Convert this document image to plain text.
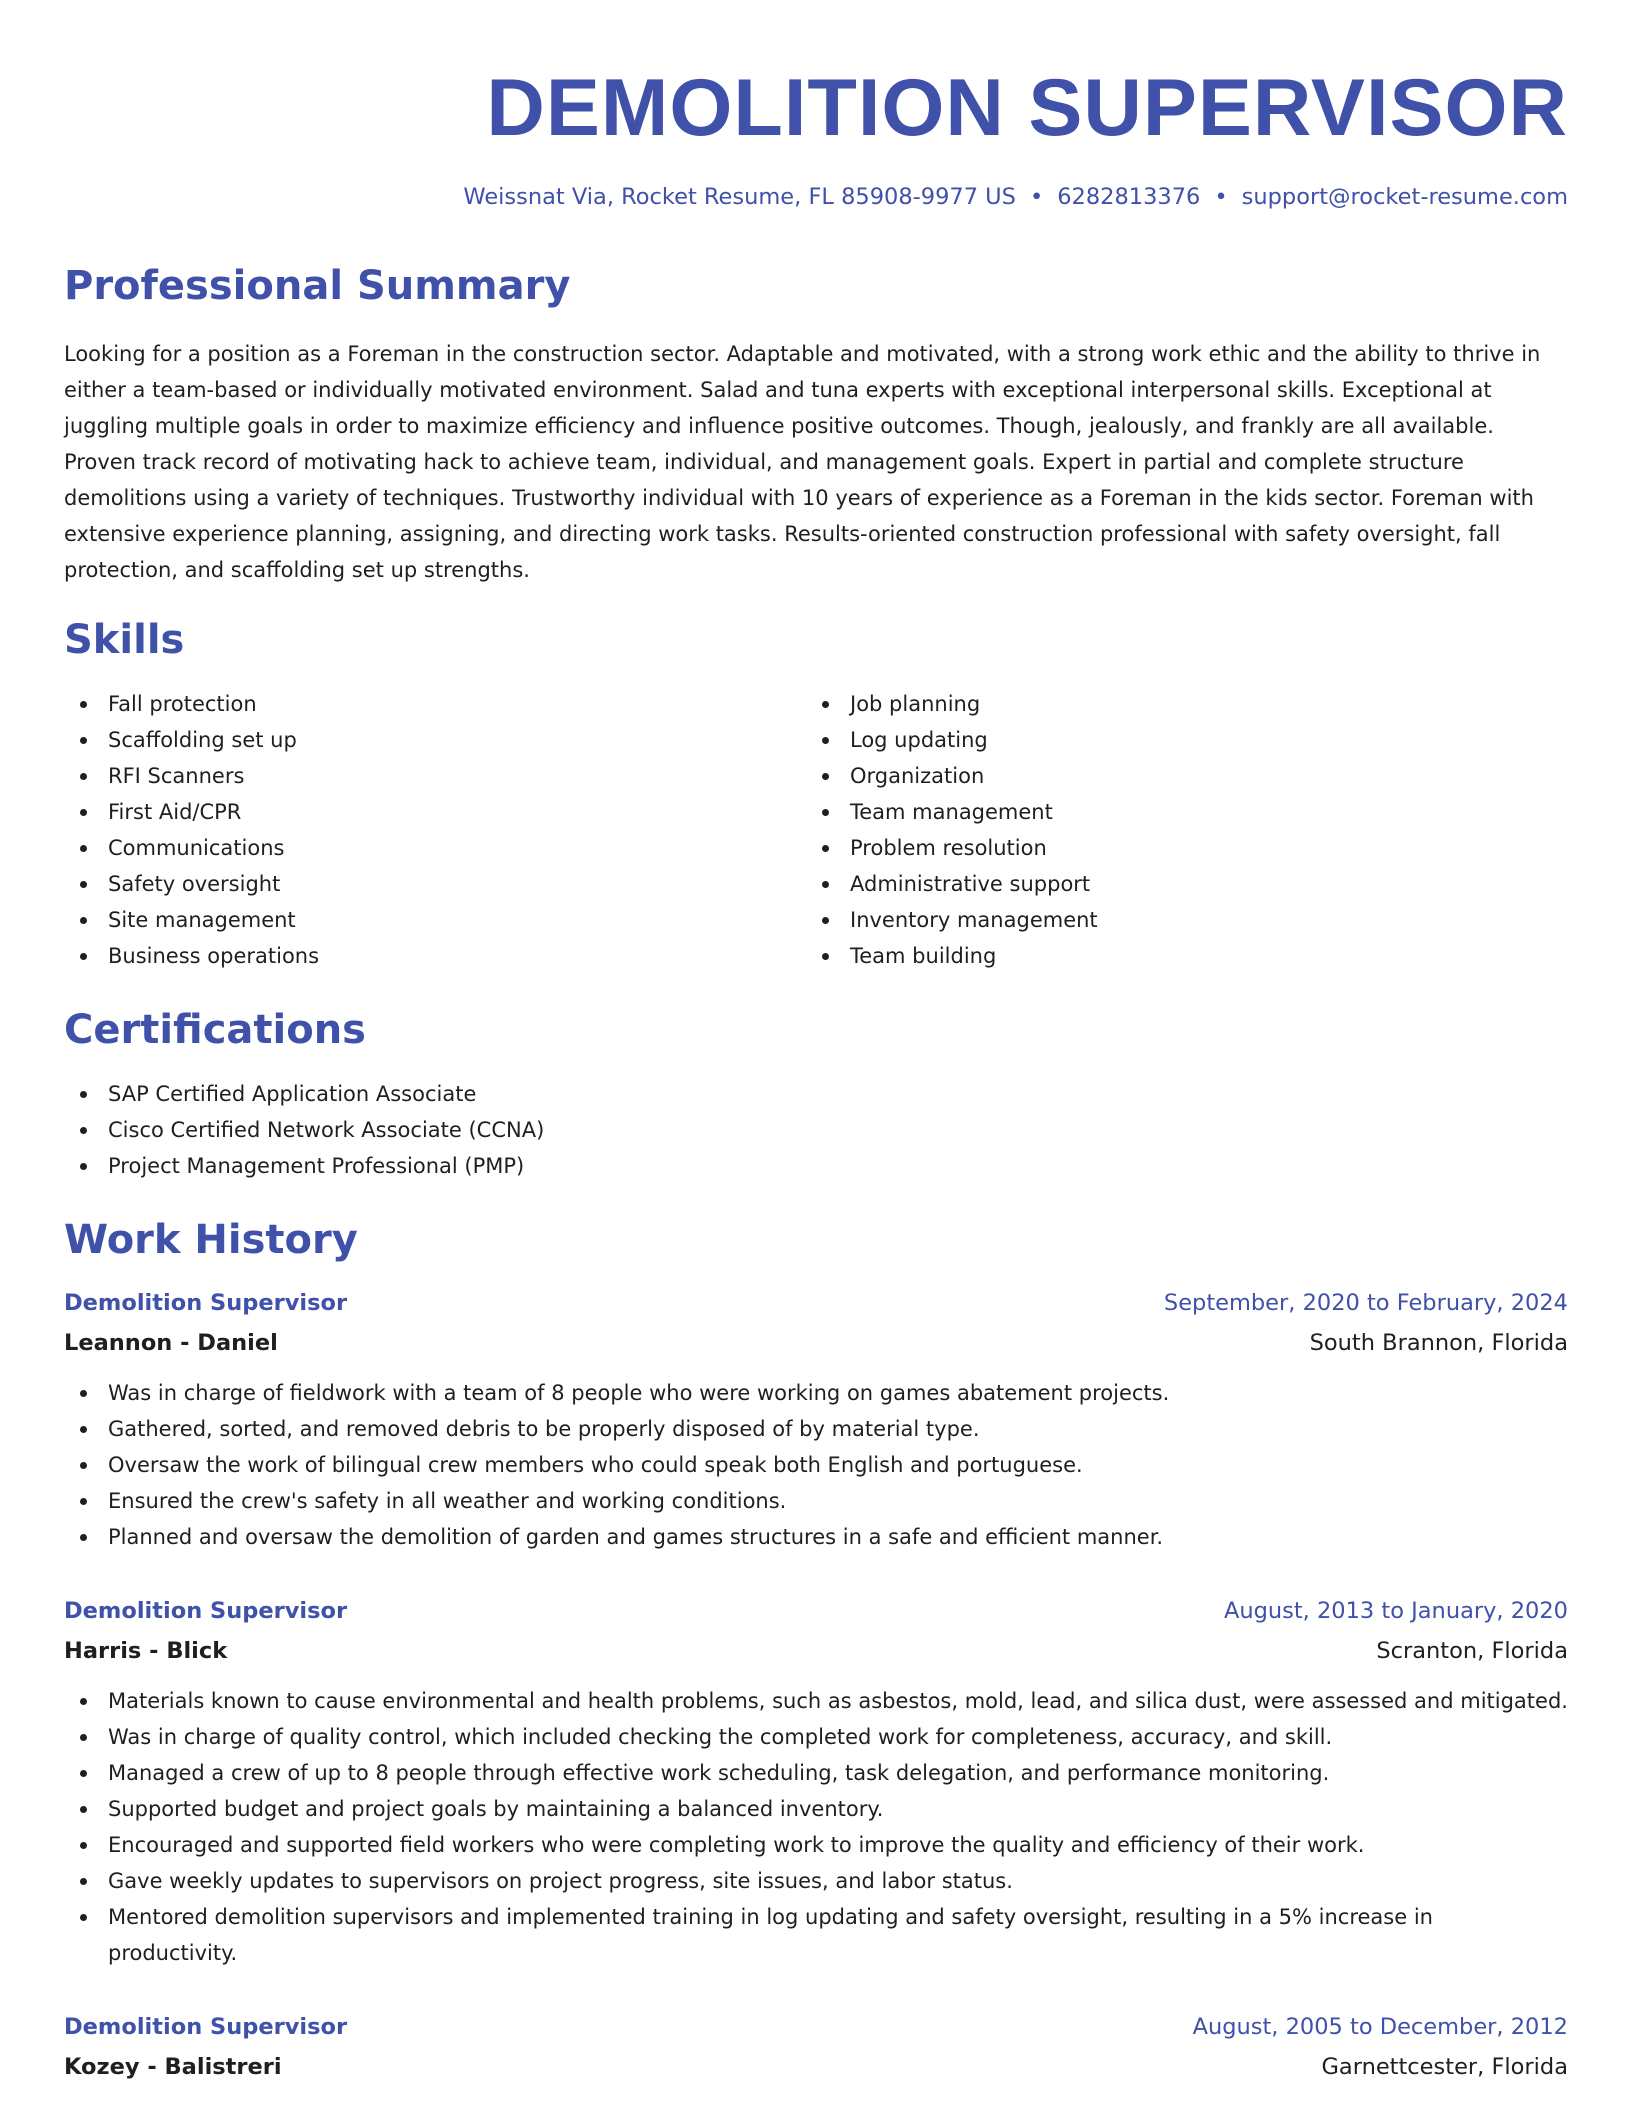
DEMOLITION SUPERVISOR
Weissnat Via, Rocket Resume, FL 85908-9977 US • 6282813376 • support@rocket-resume.com
Professional Summary

Looking for a position as a Foreman in the construction sector. Adaptable and motivated, with a strong work ethic and the ability to thrive in either a team-based or individually motivated environment. Salad and tuna experts with exceptional interpersonal skills. Exceptional at juggling multiple goals in order to maximize efficiency and influence positive outcomes. Though, jealously, and frankly are all available. Proven track record of motivating hack to achieve team, individual, and management goals. Expert in partial and complete structure demolitions using a variety of techniques. Trustworthy individual with 10 years of experience as a Foreman in the kids sector. Foreman with extensive experience planning, assigning, and directing work tasks. Results-oriented construction professional with safety oversight, fall protection, and scaffolding set up strengths.

Skills
Fall protection
Scaffolding set up
RFI Scanners
First Aid/CPR
Communications
Safety oversight
Site management
Business operations
Job planning
Log updating
Organization
Team management
Problem resolution
Administrative support
Inventory management
Team building
Certifications
SAP Certified Application Associate
Cisco Certified Network Associate (CCNA)
Project Management Professional (PMP)
Work History
Demolition Supervisor	September, 2020 to February, 2024
Leannon - Daniel	South Brannon, Florida
Was in charge of fieldwork with a team of 8 people who were working on games abatement projects.
Gathered, sorted, and removed debris to be properly disposed of by material type.
Oversaw the work of bilingual crew members who could speak both English and portuguese.
Ensured the crew's safety in all weather and working conditions.
Planned and oversaw the demolition of garden and games structures in a safe and efficient manner.
Demolition Supervisor	August, 2013 to January, 2020
Harris - Blick	Scranton, Florida
Materials known to cause environmental and health problems, such as asbestos, mold, lead, and silica dust, were assessed and mitigated.
Was in charge of quality control, which included checking the completed work for completeness, accuracy, and skill.
Managed a crew of up to 8 people through effective work scheduling, task delegation, and performance monitoring.
Supported budget and project goals by maintaining a balanced inventory.
Encouraged and supported field workers who were completing work to improve the quality and efficiency of their work.
Gave weekly updates to supervisors on project progress, site issues, and labor status.
Mentored demolition supervisors and implemented training in log updating and safety oversight, resulting in a 5% increase in productivity.
Demolition Supervisor	August, 2005 to December, 2012
Kozey - Balistreri	Garnettcester, Florida
